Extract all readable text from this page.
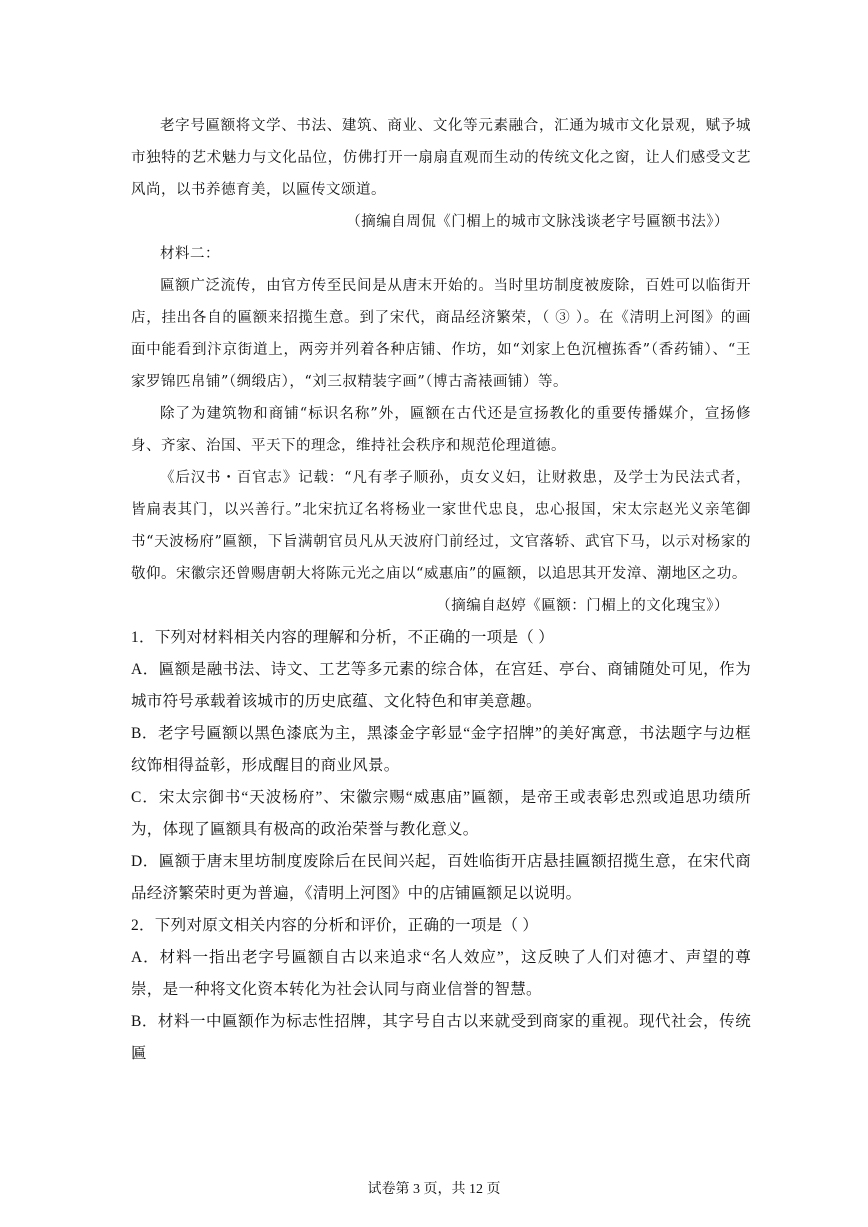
老字号匾额将文学、书法、建筑、商业、文化等元素融合，汇通为城市文化景观，赋予城市独特的艺术魅力与文化品位，仿佛打开一扇扇直观而生动的传统文化之窗，让人们感受文艺风尚，以书养德育美，以匾传文颂道。

（摘编自周侃《门楣上的城市文脉浅谈老字号匾额书法》）

材料二：

匾额广泛流传，由官方传至民间是从唐末开始的。当时里坊制度被废除，百姓可以临街开店，挂出各自的匾额来招揽生意。到了宋代，商品经济繁荣，（ ③ ）。在《清明上河图》的画面中能看到汴京街道上，两旁并列着各种店铺、作坊，如“刘家上色沉檀拣香”（香药铺）、“王家罗锦匹帛铺”（绸缎店），“刘三叔精装字画”（博古斋裱画铺）等。

除了为建筑物和商铺“标识名称”外，匾额在古代还是宣扬教化的重要传播媒介，宣扬修身、齐家、治国、平天下的理念，维持社会秩序和规范伦理道德。

《后汉书・百官志》记载：“凡有孝子顺孙，贞女义妇，让财救患，及学士为民法式者，皆扁表其门，以兴善行。”北宋抗辽名将杨业一家世代忠良，忠心报国，宋太宗赵光义亲笔御书“天波杨府”匾额，下旨满朝官员凡从天波府门前经过，文官落轿、武官下马，以示对杨家的敬仰。宋徽宗还曾赐唐朝大将陈元光之庙以“威惠庙”的匾额，以追思其开发漳、潮地区之功。

（摘编自赵婷《匾额：门楣上的文化瑰宝》）

1．下列对材料相关内容的理解和分析，不正确的一项是（ ）

A．匾额是融书法、诗文、工艺等多元素的综合体，在宫廷、亭台、商铺随处可见，作为城市符号承载着该城市的历史底蕴、文化特色和审美意趣。

B．老字号匾额以黑色漆底为主，黑漆金字彰显“金字招牌”的美好寓意，书法题字与边框纹饰相得益彰，形成醒目的商业风景。

C．宋太宗御书“天波杨府”、宋徽宗赐“威惠庙”匾额，是帝王或表彰忠烈或追思功绩所为，体现了匾额具有极高的政治荣誉与教化意义。

D．匾额于唐末里坊制度废除后在民间兴起，百姓临街开店悬挂匾额招揽生意，在宋代商品经济繁荣时更为普遍，《清明上河图》中的店铺匾额足以说明。

2．下列对原文相关内容的分析和评价，正确的一项是（ ）

A．材料一指出老字号匾额自古以来追求“名人效应”，这反映了人们对德才、声望的尊崇，是一种将文化资本转化为社会认同与商业信誉的智慧。

B．材料一中匾额作为标志性招牌，其字号自古以来就受到商家的重视。现代社会，传统匾

试卷第 3 页，共 12 页
